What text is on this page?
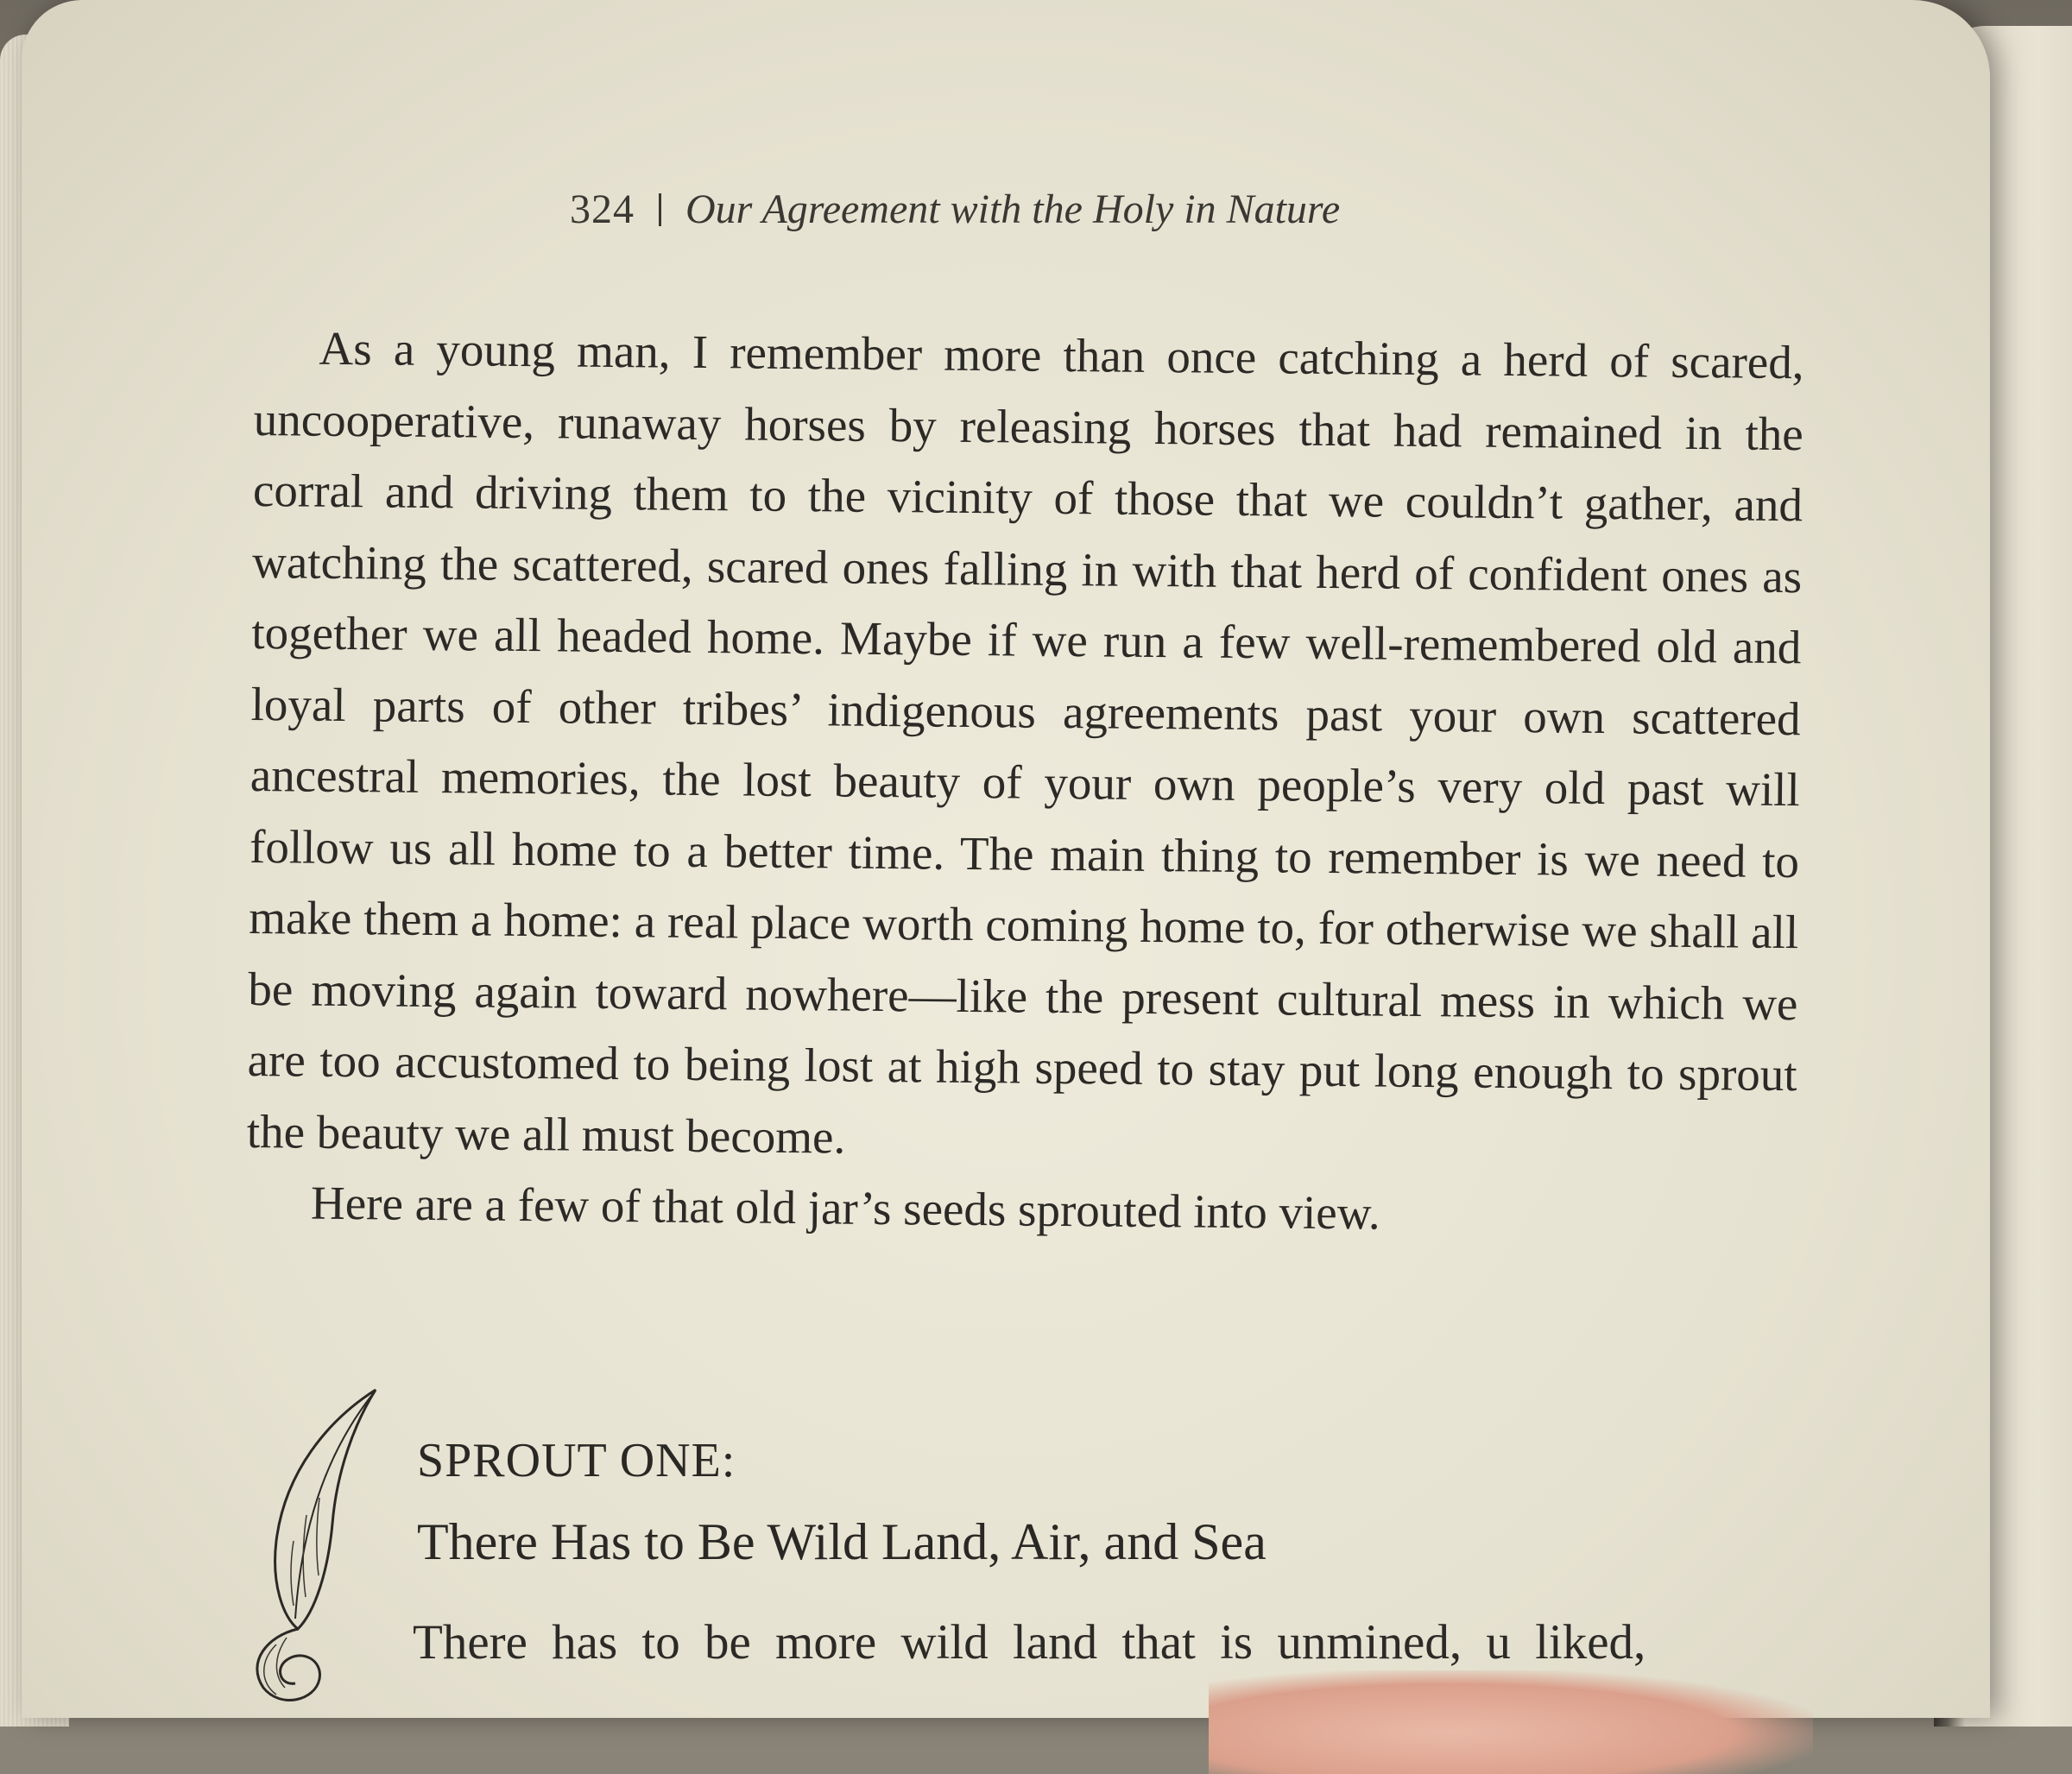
324 Our Agreement with the Holy in Nature

As a young man, I remember more than once catching a herd of scared, uncooperative, runaway horses by releasing horses that had remained in the corral and driving them to the vicinity of those that we couldn’t gather, and watching the scattered, scared ones falling in with that herd of confident ones as together we all headed home. Maybe if we run a few well-remembered old and loyal parts of other tribes’ indigenous agreements past your own scattered ancestral memories, the lost beauty of your own people’s very old past will follow us all home to a better time. The main thing to remember is we need to make them a home: a real place worth coming home to, for otherwise we shall all be moving again toward nowhere—like the present cultural mess in which we are too accustomed to being lost at high speed to stay put long enough to sprout the beauty we all must become.

Here are a few of that old jar’s seeds sprouted into view.

SPROUT ONE:
There Has to Be Wild Land, Air, and Sea
There has to be more wild land that is unmined, u liked,
